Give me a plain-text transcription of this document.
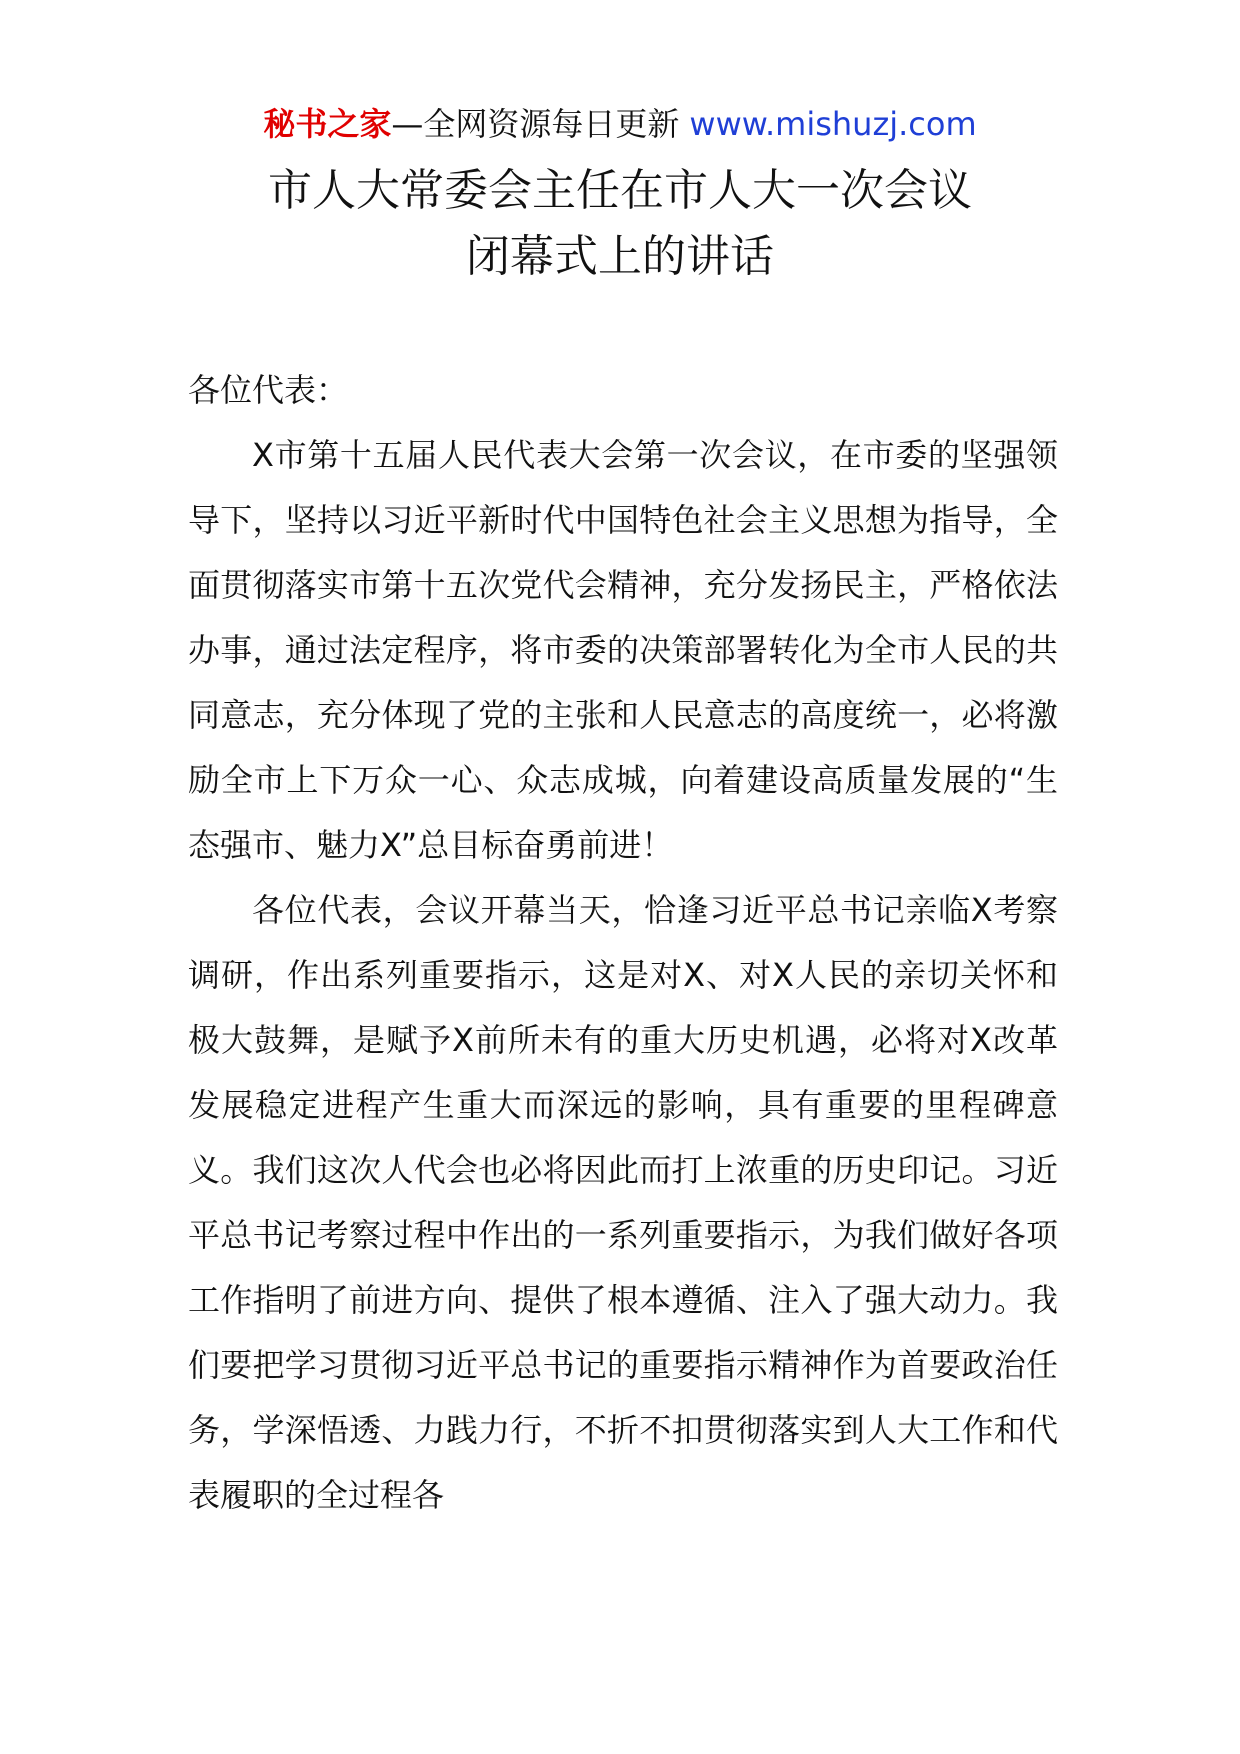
秘书之家—全网资源每日更新 www.mishuzj.com
市人大常委会主任在市人大一次会议
闭幕式上的讲话

各位代表：

X市第十五届人民代表大会第一次会议，在市委的坚强领导下，坚持以习近平新时代中国特色社会主义思想为指导，全面贯彻落实市第十五次党代会精神，充分发扬民主，严格依法办事，通过法定程序，将市委的决策部署转化为全市人民的共同意志，充分体现了党的主张和人民意志的高度统一，必将激励全市上下万众一心、众志成城，向着建设高质量发展的“生态强市、魅力X”总目标奋勇前进！

各位代表，会议开幕当天，恰逢习近平总书记亲临X考察调研，作出系列重要指示，这是对X、对X人民的亲切关怀和极大鼓舞，是赋予X前所未有的重大历史机遇，必将对X改革发展稳定进程产生重大而深远的影响，具有重要的里程碑意义。我们这次人代会也必将因此而打上浓重的历史印记。习近平总书记考察过程中作出的一系列重要指示，为我们做好各项工作指明了前进方向、提供了根本遵循、注入了强大动力。我们要把学习贯彻习近平总书记的重要指示精神作为首要政治任务，学深悟透、力践力行，不折不扣贯彻落实到人大工作和代表履职的全过程各
